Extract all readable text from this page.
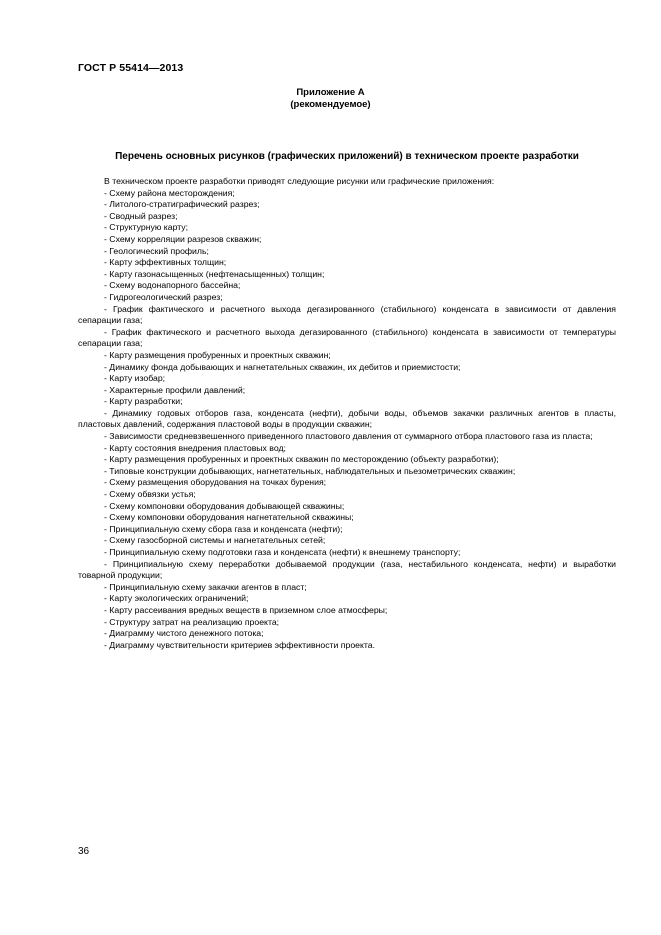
ГОСТ Р 55414—2013
Приложение А
(рекомендуемое)
Перечень основных рисунков (графических приложений) в техническом проекте разработки

В техническом проекте разработки приводят следующие рисунки или графические приложения:

- Схему района месторождения;

- Литолого-стратиграфический разрез;

- Сводный разрез;

- Структурную карту;

- Схему корреляции разрезов скважин;

- Геологический профиль;

- Карту эффективных толщин;

- Карту газонасыщенных (нефтенасыщенных) толщин;

- Схему водонапорного бассейна;

- Гидрогеологический разрез;

- График фактического и расчетного выхода дегазированного (стабильного) конденсата в зависимости от давления сепарации газа;

- График фактического и расчетного выхода дегазированного (стабильного) конденсата в зависимости от температуры сепарации газа;

- Карту размещения пробуренных и проектных скважин;

- Динамику фонда добывающих и нагнетательных скважин, их дебитов и приемистости;

- Карту изобар;

- Характерные профили давлений;

- Карту разработки;

- Динамику годовых отборов газа, конденсата (нефти), добычи воды, объемов закачки различных агентов в пласты, пластовых давлений, содержания пластовой воды в продукции скважин;

- Зависимости средневзвешенного приведенного пластового давления от суммарного отбора пластового газа из пласта;

- Карту состояния внедрения пластовых вод;

- Карту размещения пробуренных и проектных скважин по месторождению (объекту разработки);

- Типовые конструкции добывающих, нагнетательных, наблюдательных и пьезометрических скважин;

- Схему размещения оборудования на точках бурения;

- Схему обвязки устья;

- Схему компоновки оборудования добывающей скважины;

- Схему компоновки оборудования нагнетательной скважины;

- Принципиальную схему сбора газа и конденсата (нефти);

- Схему газосборной системы и нагнетательных сетей;

- Принципиальную схему подготовки газа и конденсата (нефти) к внешнему транспорту;

- Принципиальную схему переработки добываемой продукции (газа, нестабильного конденсата, нефти) и выработки товарной продукции;

- Принципиальную схему закачки агентов в пласт;

- Карту экологических ограничений;

- Карту рассеивания вредных веществ в приземном слое атмосферы;

- Структуру затрат на реализацию проекта;

- Диаграмму чистого денежного потока;

- Диаграмму чувствительности критериев эффективности проекта.

36
